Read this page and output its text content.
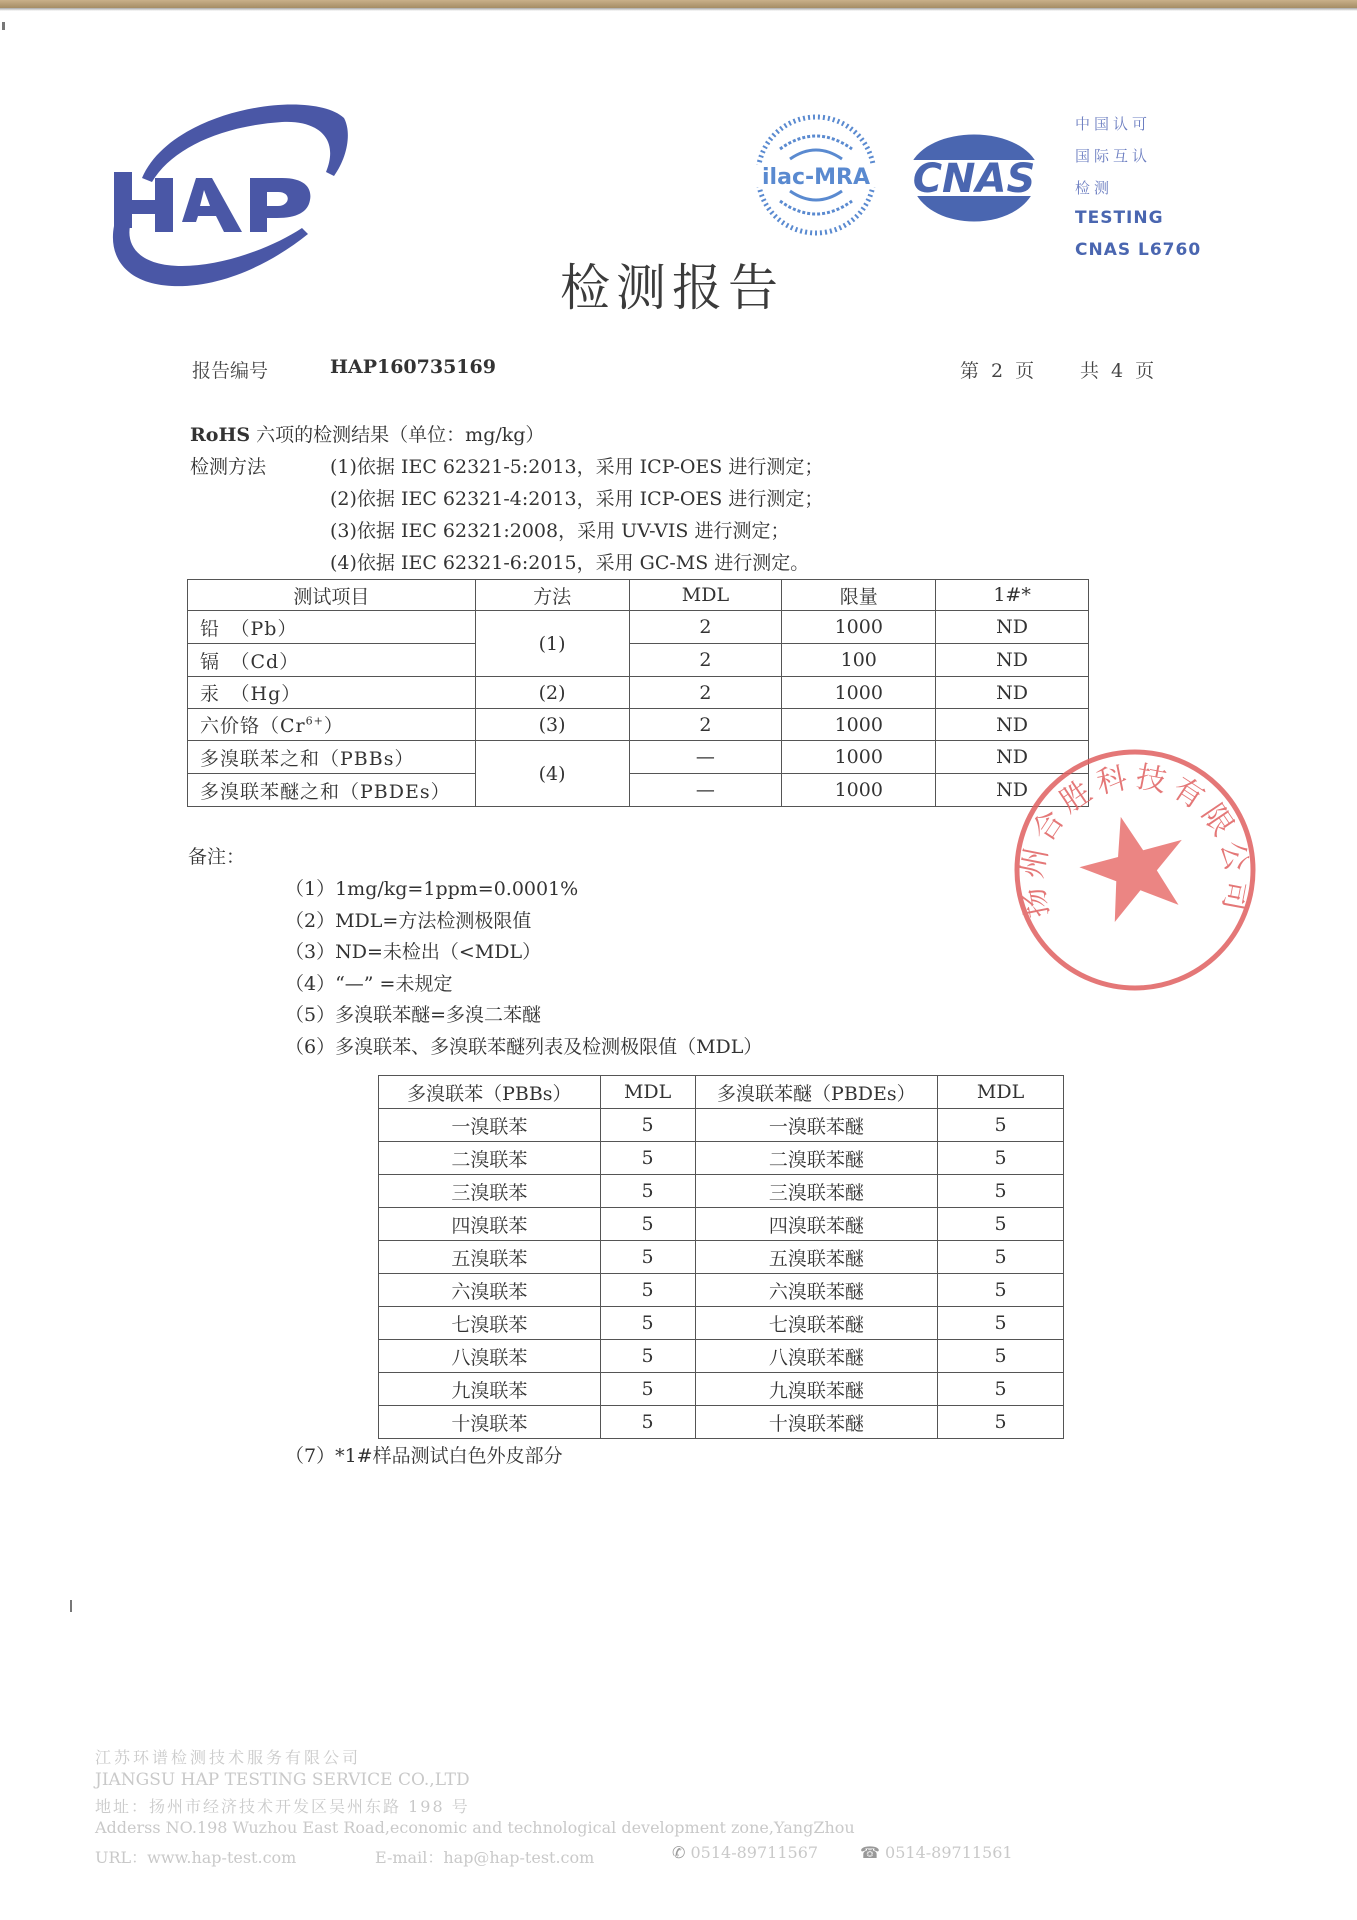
ilac-MRA CNAS
中国认可
国际互认
检测
TESTING
CNAS L6760
检测报告
报告编号	HAP160735169	第 2 页 共 4 页
RoHS 六项的检测结果（单位：mg/kg）
检测方法	(1)依据 IEC 62321-5:2013，采用 ICP-OES 进行测定；
(2)依据 IEC 62321-4:2013，采用 ICP-OES 进行测定；
(3)依据 IEC 62321:2008，采用 UV-VIS 进行测定；
(4)依据 IEC 62321-6:2015，采用 GC-MS 进行测定。
测试项目	方法	MDL	限量	1#*
铅　（Pb）	(1)	2	1000	ND
镉　（Cd）		2	100	ND
汞　（Hg）	(2)	2	1000	ND
六价铬$(Cr^{6+})$	(3)	2	1000	ND
多溴联苯之和（PBBs）	(4)	—	1000	ND
多溴联苯醚之和（PBDEs）		—	1000	ND
扬州合胜科技有限公司
备注：
（1）1mg/kg=1ppm=0.0001%
（2）MDL=方法检测极限值
（3）ND=未检出（<MDL）
（4）“—” =未规定
（5）多溴联苯醚=多溴二苯醚
（6）多溴联苯、多溴联苯醚列表及检测极限值（MDL）
多溴联苯（PBBs）	MDL	多溴联苯醚（PBDEs）	MDL
一溴联苯	5	一溴联苯醚	5
二溴联苯	5	二溴联苯醚	5
三溴联苯	5	三溴联苯醚	5
四溴联苯	5	四溴联苯醚	5
五溴联苯	5	五溴联苯醚	5
六溴联苯	5	六溴联苯醚	5
七溴联苯	5	七溴联苯醚	5
八溴联苯	5	八溴联苯醚	5
九溴联苯	5	九溴联苯醚	5
十溴联苯	5	十溴联苯醚	5
（7）*1#样品测试白色外皮部分
江苏环谱检测技术服务有限公司
JIANGSU HAP TESTING SERVICE CO.,LTD
地址：扬州市经济技术开发区吴州东路 198 号
Adderss NO.198 Wuzhou East Road,economic and technological development zone,YangZhou
URL：www.hap-test.com	E-mail：hap@hap-test.com	✆ 0514-89711567	☎ 0514-89711561
